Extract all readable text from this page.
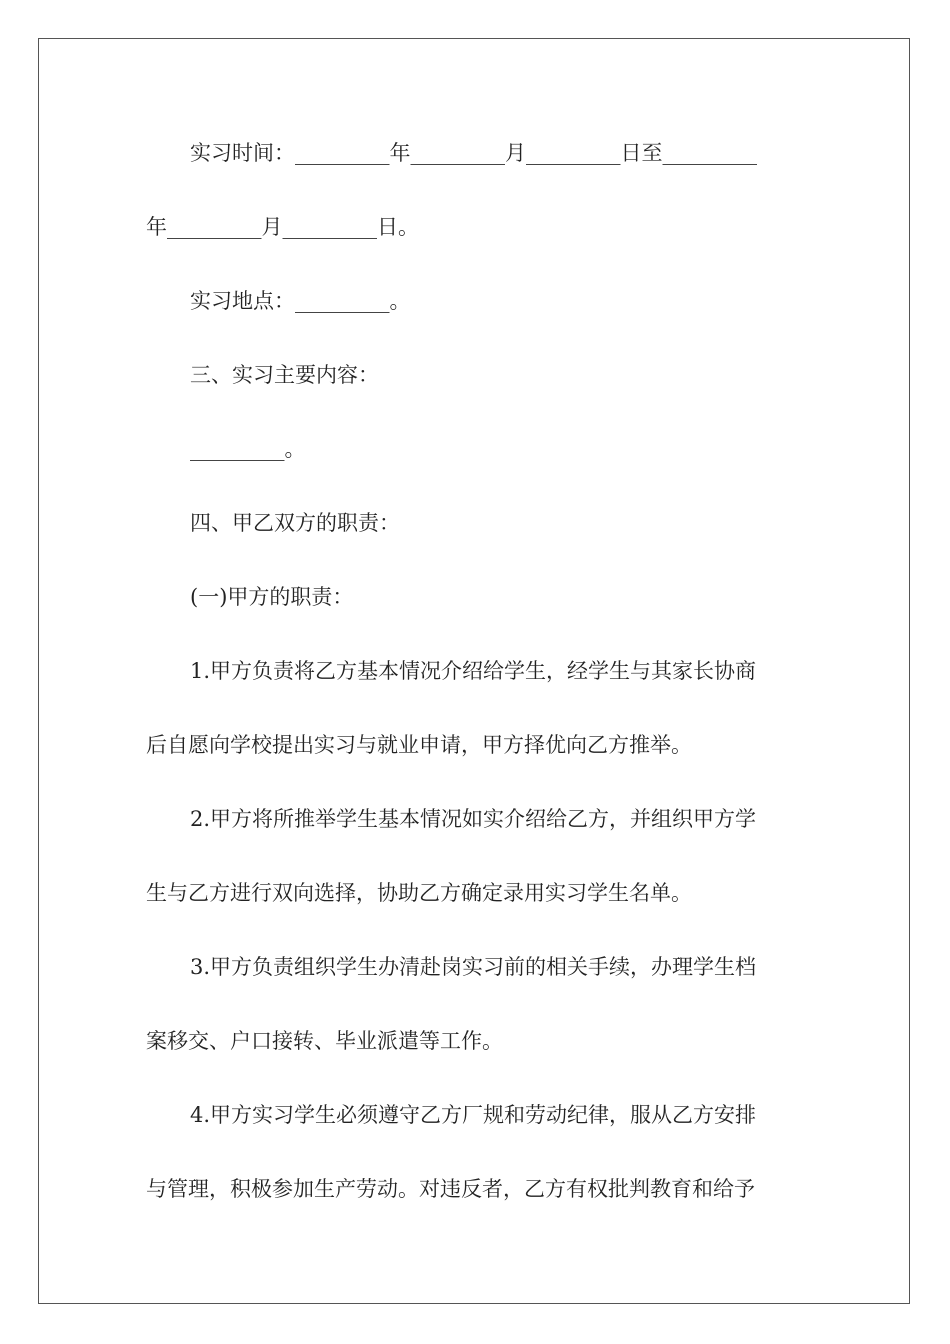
实习时间：_________年_________月_________日至_________
年_________月_________日。
实习地点：_________。
三、实习主要内容：
_________。
四、甲乙双方的职责：
(一)甲方的职责：
1.甲方负责将乙方基本情况介绍给学生，经学生与其家长协商
后自愿向学校提出实习与就业申请，甲方择优向乙方推举。
2.甲方将所推举学生基本情况如实介绍给乙方，并组织甲方学
生与乙方进行双向选择，协助乙方确定录用实习学生名单。
3.甲方负责组织学生办清赴岗实习前的相关手续，办理学生档
案移交、户口接转、毕业派遣等工作。
4.甲方实习学生必须遵守乙方厂规和劳动纪律，服从乙方安排
与管理，积极参加生产劳动。对违反者，乙方有权批判教育和给予
